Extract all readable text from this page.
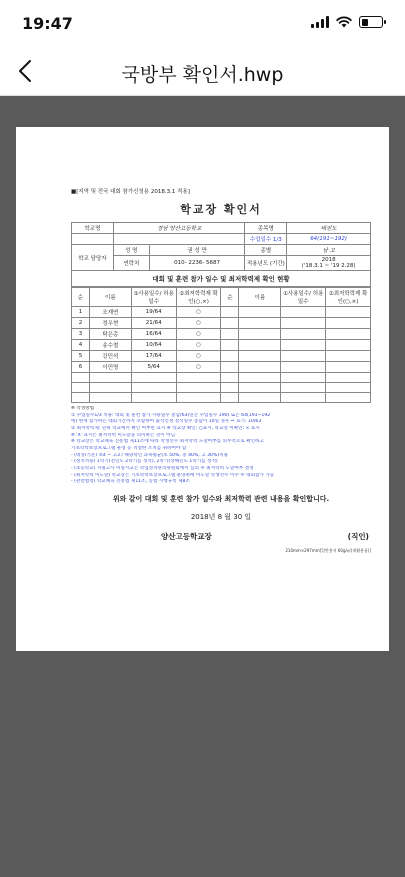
19:47
국방부 확인서.hwp
■[지역 및 전국 대회 참가신청용 2018.3.1 적용]
학교장 확인서
학교명	경남 양산고등학교		종목명	태권도
			수업일수 1/3	64(191~192)
학교 담당자	성 명	권 성 만	종별	남 고
	연락처	010- 2236- 5687	적용년도 (기간)	2018
('18.3.1 ~ '19 2.28)
대회 및 훈련 참가 일수 및 최저학력제 확인 현황
순	이름	①사용일수/ 허용일수	②최저학력제 확인(○,×)	순	이름	①사용일수/ 허용일수	②최저학력제 확인(○,×)
1	조재연	19/64	○				
2	정우현	21/64	○				
3	탁은총	16/64	○				
4	송수철	10/64	○				
5	강민석	17/64	○				
6	이민명	5/64	○				

※ 작성방법
① 수업일수1/3 적용: 대회 및 훈련 참가 사용일수 총합/63(연간 수업일수 190) 또는 64(191~192
에) 현재 참가하는 대회기간까지 포함하여 출석인정 결석일수 총합이 10일 경우 ⇨ 표기: 10/63
② 최저학력제: 단위 학교에서 확인 여부만 표시 ※ 학교장 확인: ○표시, 학교장 미확인: × 표시
※ 'X' 표시는 최저학력 미도달을 의미하는 것이 아님
※ 학교장은 학교체육 진흥법 제11조에 따라 학생선수 최저학력 도달여부를 의무적으로 확인하고
기초학력보장프로그램 운영 등 적절한 조치를 취하여야 함
- (대상/기준) 초4 ~ 고3 / 해당학년 과목평균(초 50%, 중 40%, 고 30%)적용
- (성적적용) 1학기(전년도 2학기를 성적), 2학기(상해년도 1학기를 성적)
- (초등학교) 지필고사 미실시교는 학업성적관리위원회에서 심의 후 최저학력 도달여부 결정
- (최저학력 미도달) 학교장은 기초학력보장프로그램 운영하에 미도달 학생선수 이수 후 대회참가 가능
- (관련법령) 학교체육 진흥법 제11조, 동법 시행규칙 제8조
위와 같이 대회 및 훈련 참가 일수와 최저학력 관련 내용을 확인합니다.
2018년 8 월 30 일
양산고등학교장	(직인)
210mm×297mm[일반용지 60g/㎡(재활용품)]
